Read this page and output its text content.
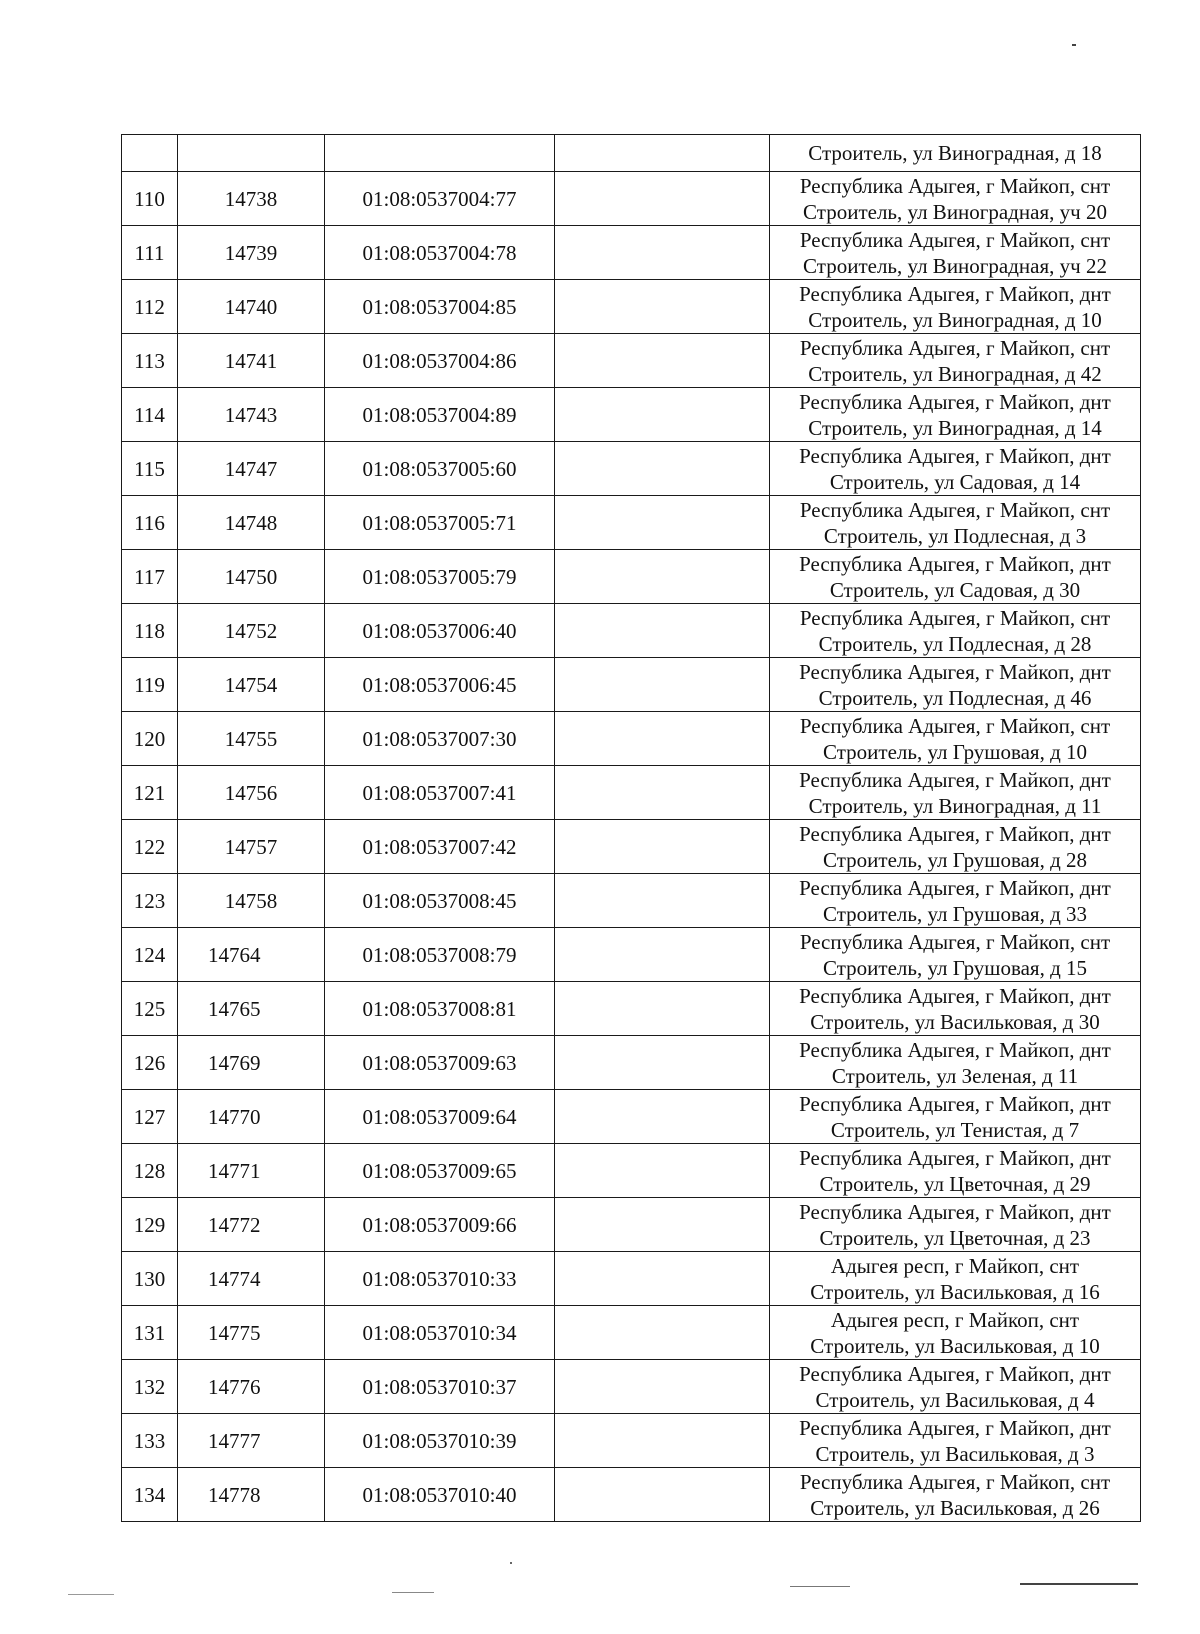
				Строитель, ул Виноградная, д 18

110	14738	01:08:0537004:77		Республика Адыгея, г Майкоп, снт
Строитель, ул Виноградная, уч 20

111	14739	01:08:0537004:78		Республика Адыгея, г Майкоп, снт
Строитель, ул Виноградная, уч 22

112	14740	01:08:0537004:85		Республика Адыгея, г Майкоп, днт
Строитель, ул Виноградная, д 10

113	14741	01:08:0537004:86		Республика Адыгея, г Майкоп, снт
Строитель, ул Виноградная, д 42

114	14743	01:08:0537004:89		Республика Адыгея, г Майкоп, днт
Строитель, ул Виноградная, д 14

115	14747	01:08:0537005:60		Республика Адыгея, г Майкоп, днт
Строитель, ул Садовая, д 14

116	14748	01:08:0537005:71		Республика Адыгея, г Майкоп, снт
Строитель, ул Подлесная, д 3

117	14750	01:08:0537005:79		Республика Адыгея, г Майкоп, днт
Строитель, ул Садовая, д 30

118	14752	01:08:0537006:40		Республика Адыгея, г Майкоп, снт
Строитель, ул Подлесная, д 28

119	14754	01:08:0537006:45		Республика Адыгея, г Майкоп, днт
Строитель, ул Подлесная, д 46

120	14755	01:08:0537007:30		Республика Адыгея, г Майкоп, снт
Строитель, ул Грушовая, д 10

121	14756	01:08:0537007:41		Республика Адыгея, г Майкоп, днт
Строитель, ул Виноградная, д 11

122	14757	01:08:0537007:42		Республика Адыгея, г Майкоп, днт
Строитель, ул Грушовая, д 28

123	14758	01:08:0537008:45		Республика Адыгея, г Майкоп, днт
Строитель, ул Грушовая, д 33

124	14764	01:08:0537008:79		Республика Адыгея, г Майкоп, снт
Строитель, ул Грушовая, д 15

125	14765	01:08:0537008:81		Республика Адыгея, г Майкоп, днт
Строитель, ул Васильковая, д 30

126	14769	01:08:0537009:63		Республика Адыгея, г Майкоп, днт
Строитель, ул Зеленая, д 11

127	14770	01:08:0537009:64		Республика Адыгея, г Майкоп, днт
Строитель, ул Тенистая, д 7

128	14771	01:08:0537009:65		Республика Адыгея, г Майкоп, днт
Строитель, ул Цветочная, д 29

129	14772	01:08:0537009:66		Республика Адыгея, г Майкоп, днт
Строитель, ул Цветочная, д 23

130	14774	01:08:0537010:33		Адыгея респ, г Майкоп, снт
Строитель, ул Васильковая, д 16

131	14775	01:08:0537010:34		Адыгея респ, г Майкоп, снт
Строитель, ул Васильковая, д 10

132	14776	01:08:0537010:37		Республика Адыгея, г Майкоп, днт
Строитель, ул Васильковая, д 4

133	14777	01:08:0537010:39		Республика Адыгея, г Майкоп, днт
Строитель, ул Васильковая, д 3

134	14778	01:08:0537010:40		Республика Адыгея, г Майкоп, снт
Строитель, ул Васильковая, д 26
